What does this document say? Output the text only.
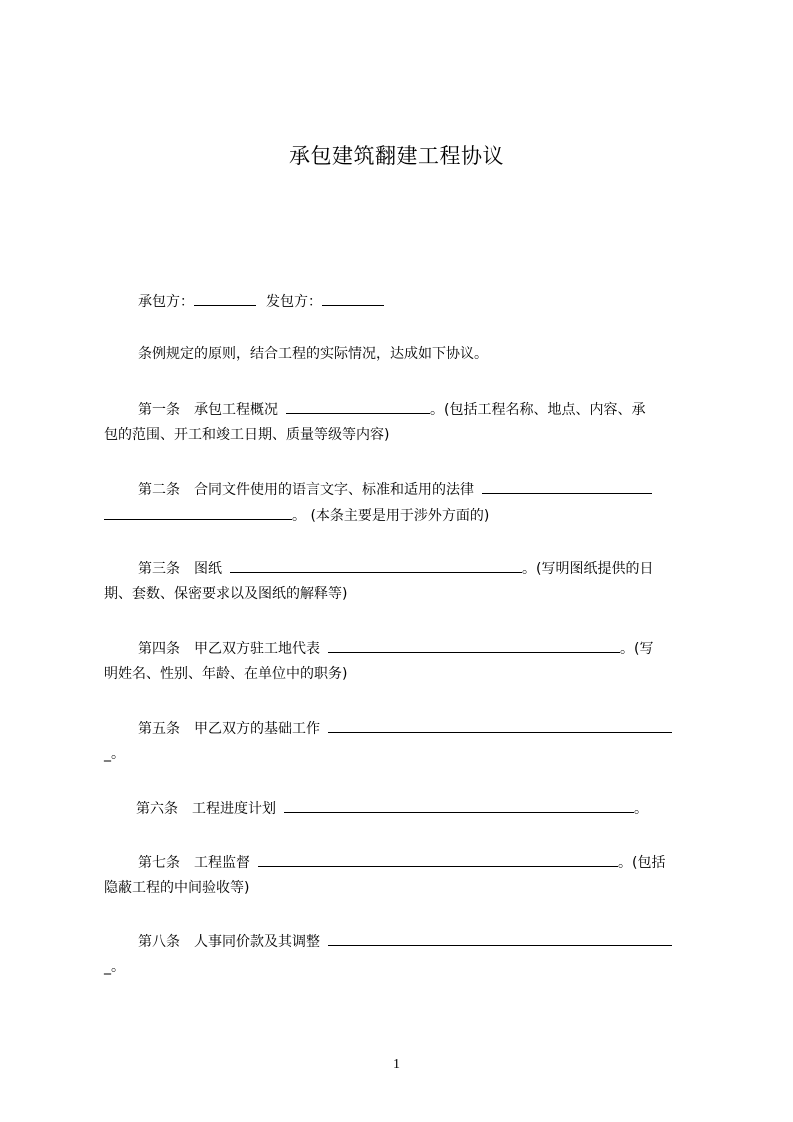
承包建筑翻建工程协议
承包方：	发包方：
条例规定的原则，结合工程的实际情况，达成如下协议。
第一条 承包工程概况	。(包括工程名称、地点、内容、承
包的范围、开工和竣工日期、质量等级等内容)
第二条 合同文件使用的语言文字、标准和适用的法律
。 (本条主要是用于涉外方面的)
第三条 图纸	。(写明图纸提供的日
期、套数、保密要求以及图纸的解释等)
第四条 甲乙双方驻工地代表	。(写
明姓名、性别、年龄、在单位中的职务)
第五条 甲乙双方的基础工作
_。
第六条 工程进度计划	。
第七条 工程监督	。(包括
隐蔽工程的中间验收等)
第八条 人事同价款及其调整
_。
1
